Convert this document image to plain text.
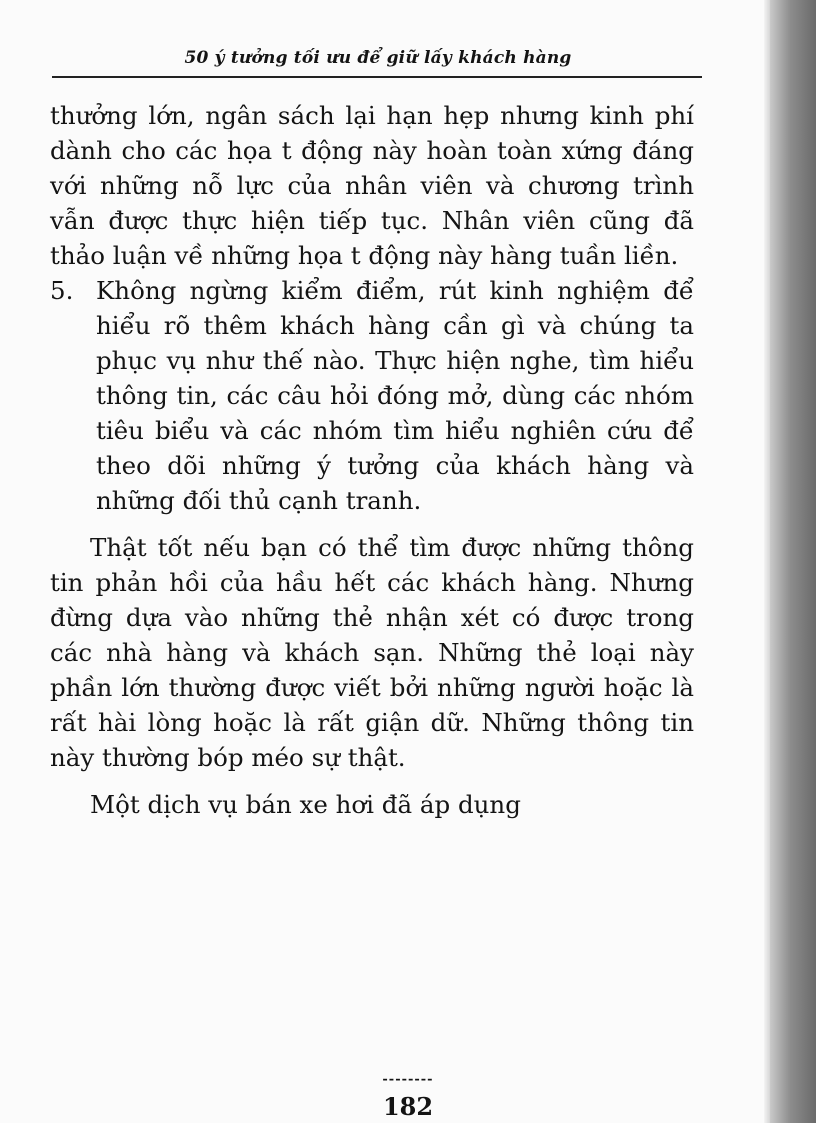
50 ý tưởng tối ưu để giữ lấy khách hàng

thưởng lớn, ngân sách lại hạn hẹp nhưng kinh phí dành cho các họa t động này hoàn toàn xứng đáng với những nỗ lực của nhân viên và chương trình vẫn được thực hiện tiếp tục. Nhân viên cũng đã thảo luận về những họa t động này hàng tuần liền.

5. Không ngừng kiểm điểm, rút kinh nghiệm để hiểu rõ thêm khách hàng cần gì và chúng ta phục vụ như thế nào. Thực hiện nghe, tìm hiểu thông tin, các câu hỏi đóng mở, dùng các nhóm tiêu biểu và các nhóm tìm hiểu nghiên cứu để theo dõi những ý tưởng của khách hàng và những đối thủ cạnh tranh.

Thật tốt nếu bạn có thể tìm được những thông tin phản hồi của hầu hết các khách hàng. Nhưng đừng dựa vào những thẻ nhận xét có được trong các nhà hàng và khách sạn. Những thẻ loại này phần lớn thường được viết bởi những người hoặc là rất hài lòng hoặc là rất giận dữ. Những thông tin này thường bóp méo sự thật.

Một dịch vụ bán xe hơi đã áp dụng

--------
182
